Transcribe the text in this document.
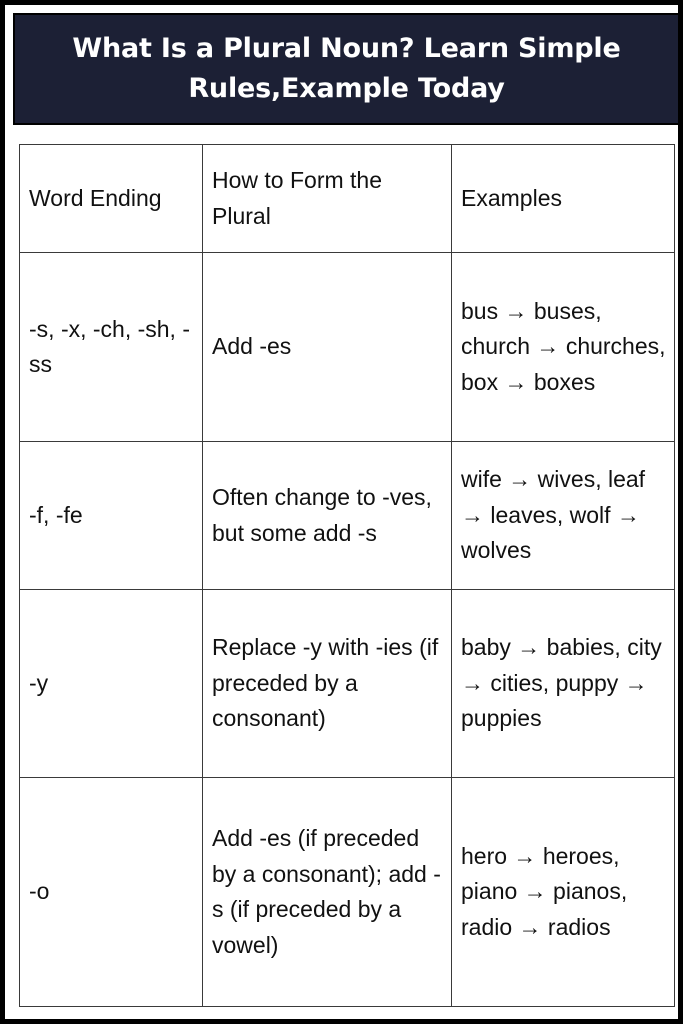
What Is a Plural Noun? Learn Simple Rules,Example Today
Word Ending	How to Form the Plural	Examples
-s, -x, -ch, -sh, -ss	Add -es	bus → buses, church → churches, box → boxes
-f, -fe	Often change to -ves, but some add -s	wife → wives, leaf → leaves, wolf → wolves
-y	Replace -y with -ies (if preceded by a consonant)	baby → babies, city → cities, puppy → puppies
-o	Add -es (if preceded by a consonant); add -s (if preceded by a vowel)	hero → heroes, piano → pianos, radio → radios
